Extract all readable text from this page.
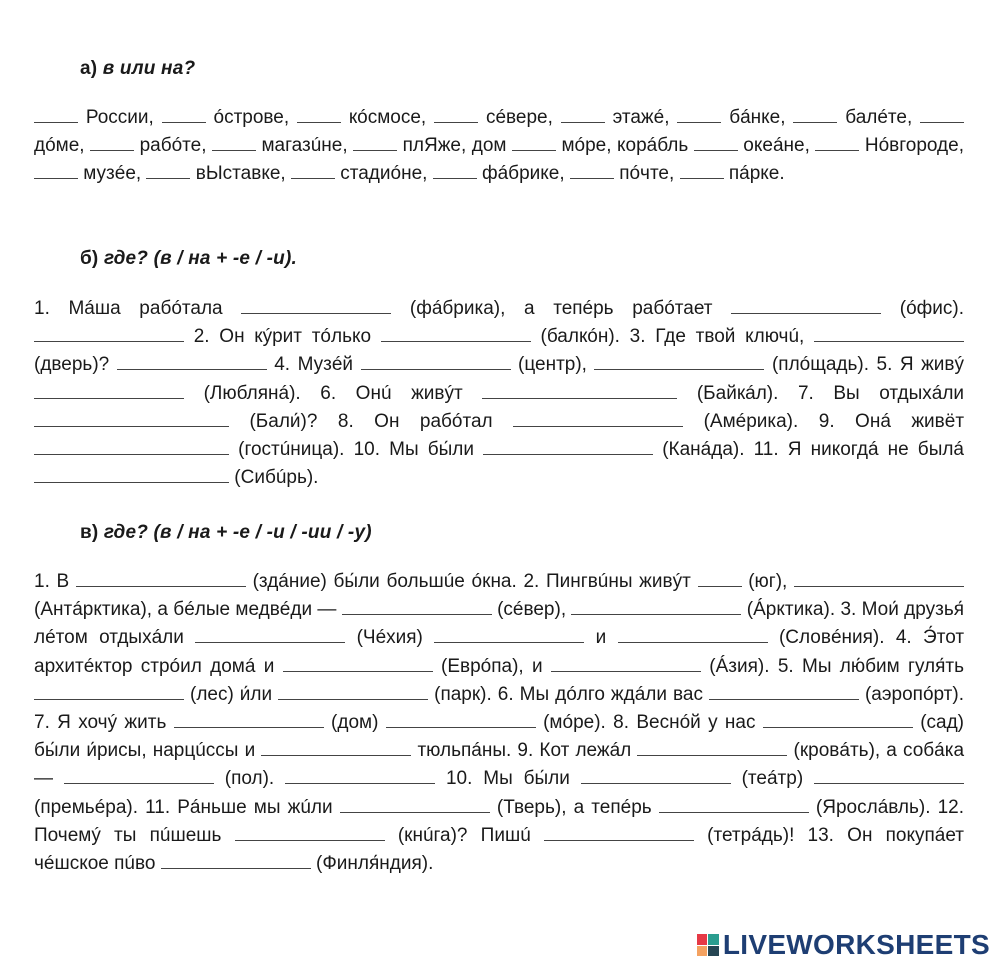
а) в или на?
России,	óстрове,	кóсмосе,	сéвере,	этажé,	бáнке,	балéте,  дóме,	рабóте,	магазúне,	плЯже, дом	мóре, корáбль	океáне,	Нóвгороде,  музéе,	вЫставке,	стадиóне,	фáбрике,	пóчте,	пáрке.
б) где? (в / на + -е / -и).
1. Мáша рабóтала	(фáбрика), а тепéрь рабóтает	(óфис).  2. Он кýрит тóлько	(балкóн). 3. Где твой ключú,  (дверь)?	4. Музéй	(центр),	(плóщадь). 5. Я живý  (Люблянá). 6. Онú живýт	(Байкáл). 7. Вы отдыхáли  (Бали́)? 8. Он рабóтал	(Амéрика). 9. Онá живёт  (гостúница). 10. Мы бы́ли	(Канáда). 11. Я никогдá не былá  (Сибúрь).
в) где? (в / на + -е / -и / -ии / -у)
1. В	(здáние) бы́ли большúе óкна. 2. Пингвúны живýт	(юг),  (Антáрктика), а бéлые медвéди —	(сéвер),	(Áрктика). 3. Мои́ друзья́ лéтом отдыхáли	(Чéхия)	и	(Словéния). 4. Э́тот архитéктор стрóил домá и	(Еврóпа), и	(Áзия). 5. Мы лю́бим гуля́ть  (лес) и́ли	(парк). 6. Мы дóлго ждáли вас	(аэропóрт). 7. Я хочý жить	(дом)	(мóре). 8. Веснóй у нас	(сад) бы́ли и́рисы, нарцúссы и	тюльпáны. 9. Кот лежáл	(кровáть), а собáка —	(пол).	10. Мы бы́ли	(теáтр)  (премьéра). 11. Рáньше мы жúли	(Тверь), а тепéрь	(Ярослáвль). 12. Почемý ты пúшешь	(кнúга)? Пишú	(тетрáдь)! 13. Он покупáет чéшское пúво	(Финля́ндия).
LIVEWORKSHEETS
